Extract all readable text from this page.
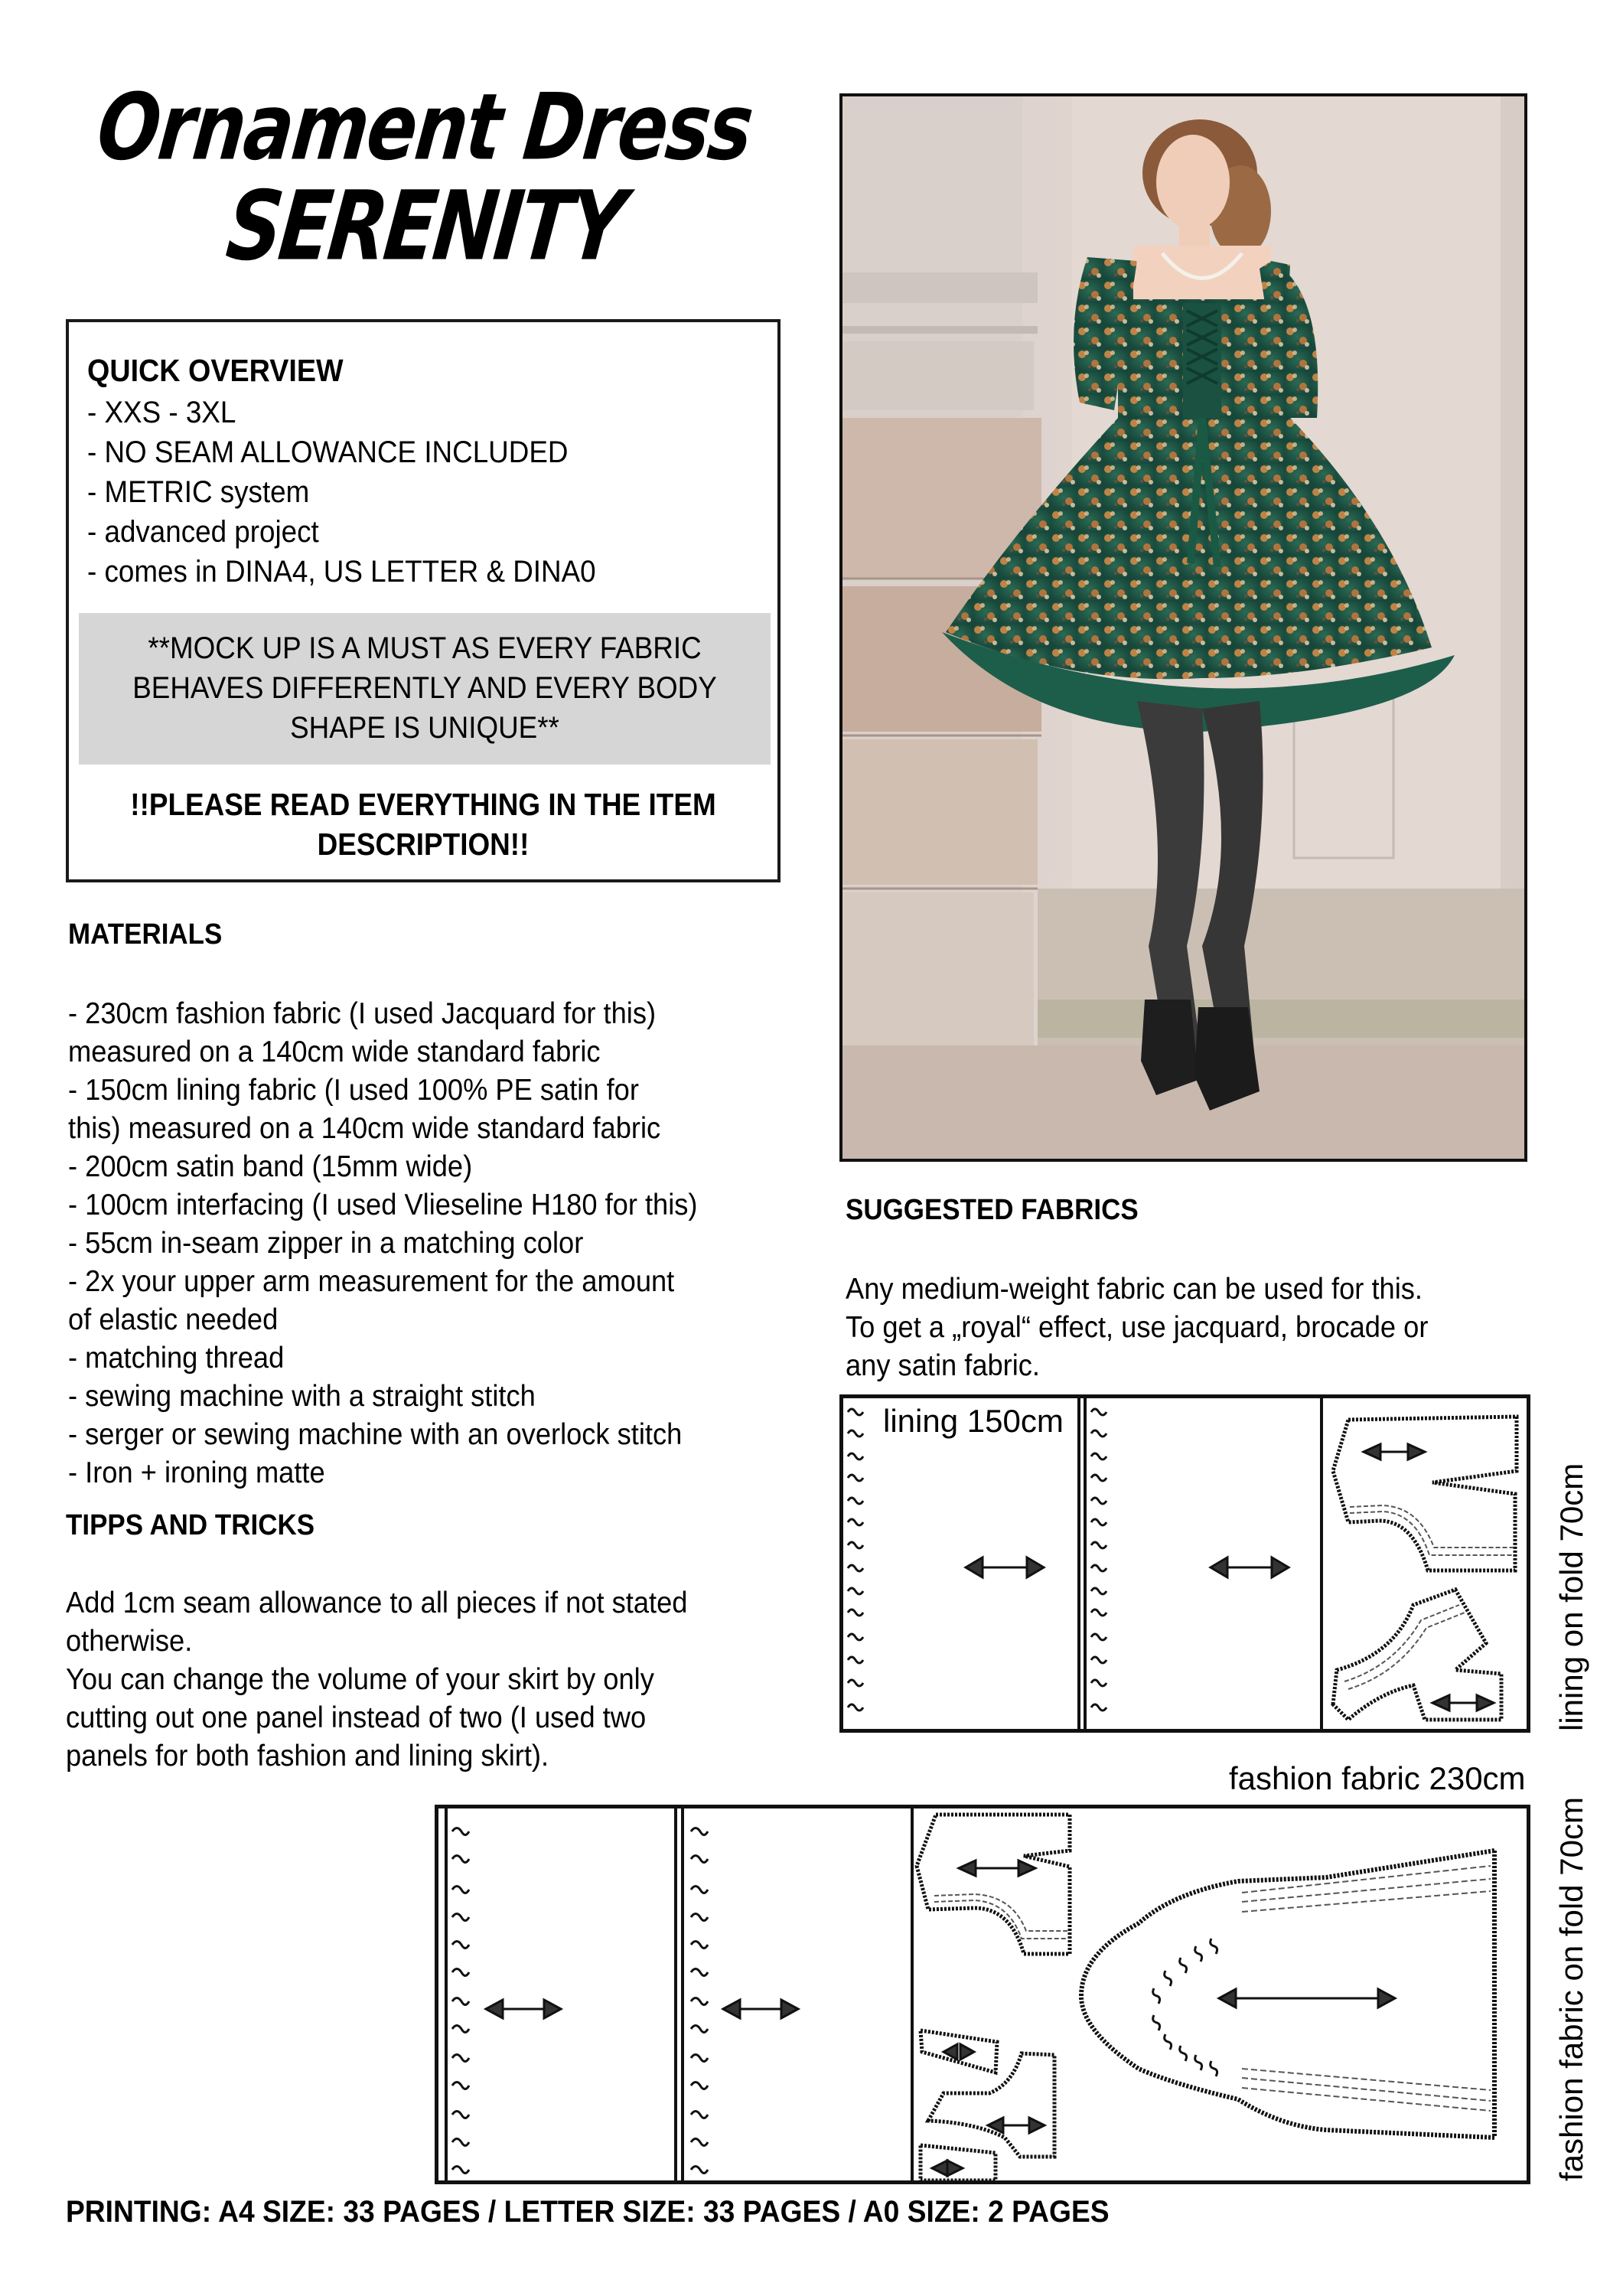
Ornament Dress
SERENITY
QUICK OVERVIEW
- XXS - 3XL
- NO SEAM ALLOWANCE INCLUDED
- METRIC system
- advanced project
- comes in DINA4, US LETTER & DINA0
**MOCK UP IS A MUST AS EVERY FABRIC
BEHAVES DIFFERENTLY AND EVERY BODY
SHAPE IS UNIQUE**
!!PLEASE READ EVERYTHING IN THE ITEM
DESCRIPTION!!
MATERIALS
- 230cm fashion fabric (I used Jacquard for this)
measured on a 140cm wide standard fabric
- 150cm lining fabric (I used 100% PE satin for
this) measured on a 140cm wide standard fabric
- 200cm satin band (15mm wide)
- 100cm interfacing (I used Vlieseline H180 for this)
- 55cm in-seam zipper in a matching color
- 2x your upper arm measurement for the amount
of elastic needed
- matching thread
- sewing machine with a straight stitch
- serger or sewing machine with an overlock stitch
- Iron + ironing matte
TIPPS AND TRICKS
Add 1cm seam allowance to all pieces if not stated
otherwise.
You can change the volume of your skirt by only
cutting out one panel instead of two (I used two
panels for both fashion and lining skirt).
SUGGESTED FABRICS
Any medium-weight fabric can be used for this.
To get a „royal“ effect, use jacquard, brocade or
any satin fabric.
lining 150cm
lining on fold 70cm
fashion fabric 230cm
fashion fabric on fold 70cm
PRINTING: A4 SIZE: 33 PAGES / LETTER SIZE: 33 PAGES / A0 SIZE: 2 PAGES
